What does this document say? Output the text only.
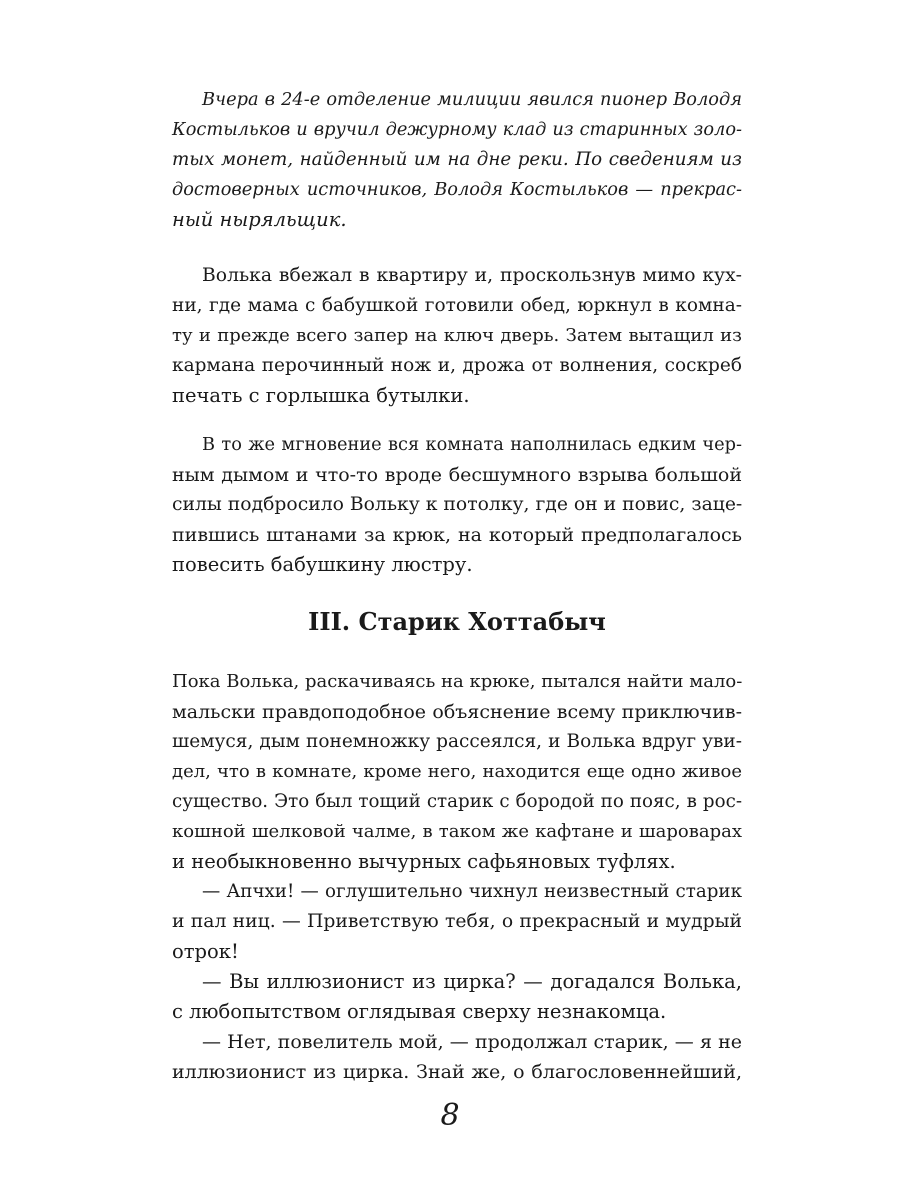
Вчера в 24-е отделение милиции явился пионер Володя
Костыльков и вручил дежурному клад из старинных золо-
тых монет, найденный им на дне реки. По сведениям из
достоверных источников, Володя Костыльков — прекрас-
ный ныряльщик.
Волька вбежал в квартиру и, проскользнув мимо кух-
ни, где мама с бабушкой готовили обед, юркнул в комна-
ту и прежде всего запер на ключ дверь. Затем вытащил из
кармана перочинный нож и, дрожа от волнения, соскреб
печать с горлышка бутылки.
В то же мгновение вся комната наполнилась едким чер-
ным дымом и что-то вроде бесшумного взрыва большой
силы подбросило Вольку к потолку, где он и повис, заце-
пившись штанами за крюк, на который предполагалось
повесить бабушкину люстру.
III. Старик Хоттабыч
Пока Волька, раскачиваясь на крюке, пытался найти мало-
мальски правдоподобное объяснение всему приключив-
шемуся, дым понемножку рассеялся, и Волька вдруг уви-
дел, что в комнате, кроме него, находится еще одно живое
существо. Это был тощий старик с бородой по пояс, в рос-
кошной шелковой чалме, в таком же кафтане и шароварах
и необыкновенно вычурных сафьяновых туфлях.
— Апчхи! — оглушительно чихнул неизвестный старик
и пал ниц. — Приветствую тебя, о прекрасный и мудрый
отрок!
— Вы иллюзионист из цирка? — догадался Волька,
с любопытством оглядывая сверху незнакомца.
— Нет, повелитель мой, — продолжал старик, — я не
иллюзионист из цирка. Знай же, о благословеннейший,
8
